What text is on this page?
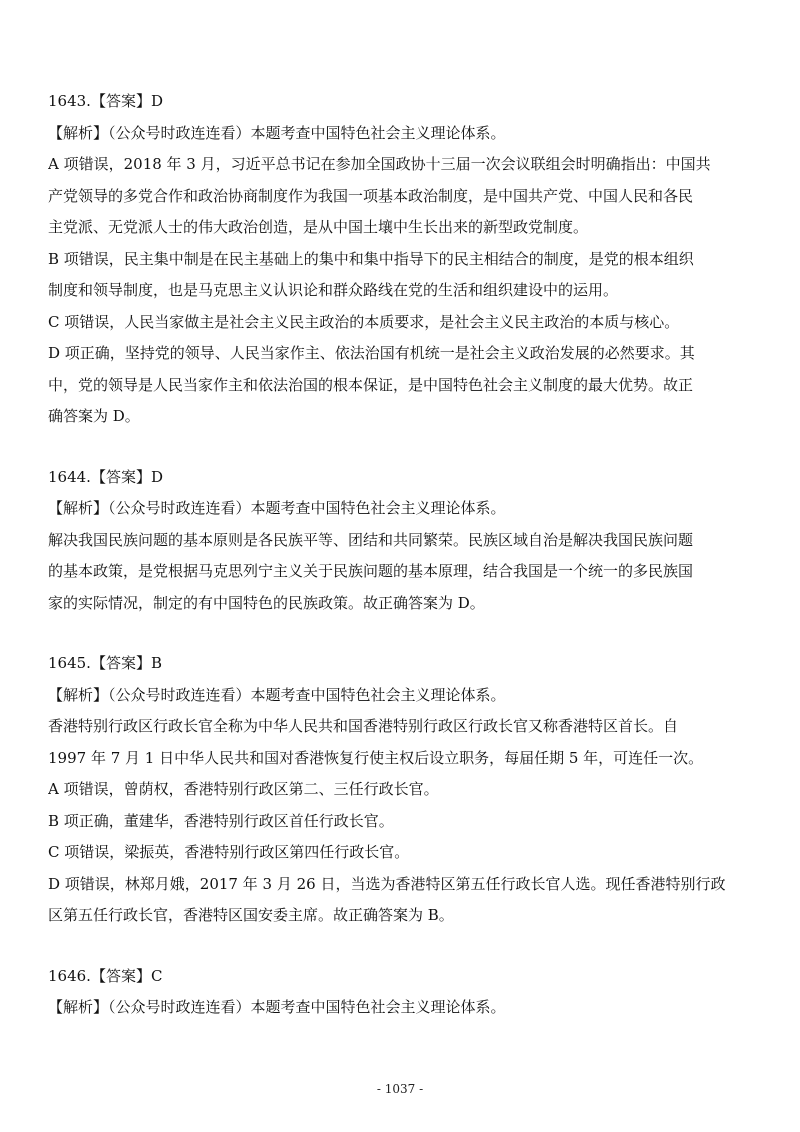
1643.【答案】D
【解析】（公众号时政连连看）本题考查中国特色社会主义理论体系。
A 项错误，2018 年 3 月，习近平总书记在参加全国政协十三届一次会议联组会时明确指出：中国共
产党领导的多党合作和政治协商制度作为我国一项基本政治制度，是中国共产党、中国人民和各民
主党派、无党派人士的伟大政治创造，是从中国土壤中生长出来的新型政党制度。
B 项错误，民主集中制是在民主基础上的集中和集中指导下的民主相结合的制度，是党的根本组织
制度和领导制度，也是马克思主义认识论和群众路线在党的生活和组织建设中的运用。
C 项错误，人民当家做主是社会主义民主政治的本质要求，是社会主义民主政治的本质与核心。
D 项正确，坚持党的领导、人民当家作主、依法治国有机统一是社会主义政治发展的必然要求。其
中，党的领导是人民当家作主和依法治国的根本保证，是中国特色社会主义制度的最大优势。故正
确答案为 D。
1644.【答案】D
【解析】（公众号时政连连看）本题考查中国特色社会主义理论体系。
解决我国民族问题的基本原则是各民族平等、团结和共同繁荣。民族区域自治是解决我国民族问题
的基本政策，是党根据马克思列宁主义关于民族问题的基本原理，结合我国是一个统一的多民族国
家的实际情况，制定的有中国特色的民族政策。故正确答案为 D。
1645.【答案】B
【解析】（公众号时政连连看）本题考查中国特色社会主义理论体系。
香港特别行政区行政长官全称为中华人民共和国香港特别行政区行政长官又称香港特区首长。自
1997 年 7 月 1 日中华人民共和国对香港恢复行使主权后设立职务，每届任期 5 年，可连任一次。
A 项错误，曾荫权，香港特别行政区第二、三任行政长官。
B 项正确，董建华，香港特别行政区首任行政长官。
C 项错误，梁振英，香港特别行政区第四任行政长官。
D 项错误，林郑月娥，2017 年 3 月 26 日，当选为香港特区第五任行政长官人选。现任香港特别行政
区第五任行政长官，香港特区国安委主席。故正确答案为 B。
1646.【答案】C
【解析】（公众号时政连连看）本题考查中国特色社会主义理论体系。
- 1037 -
